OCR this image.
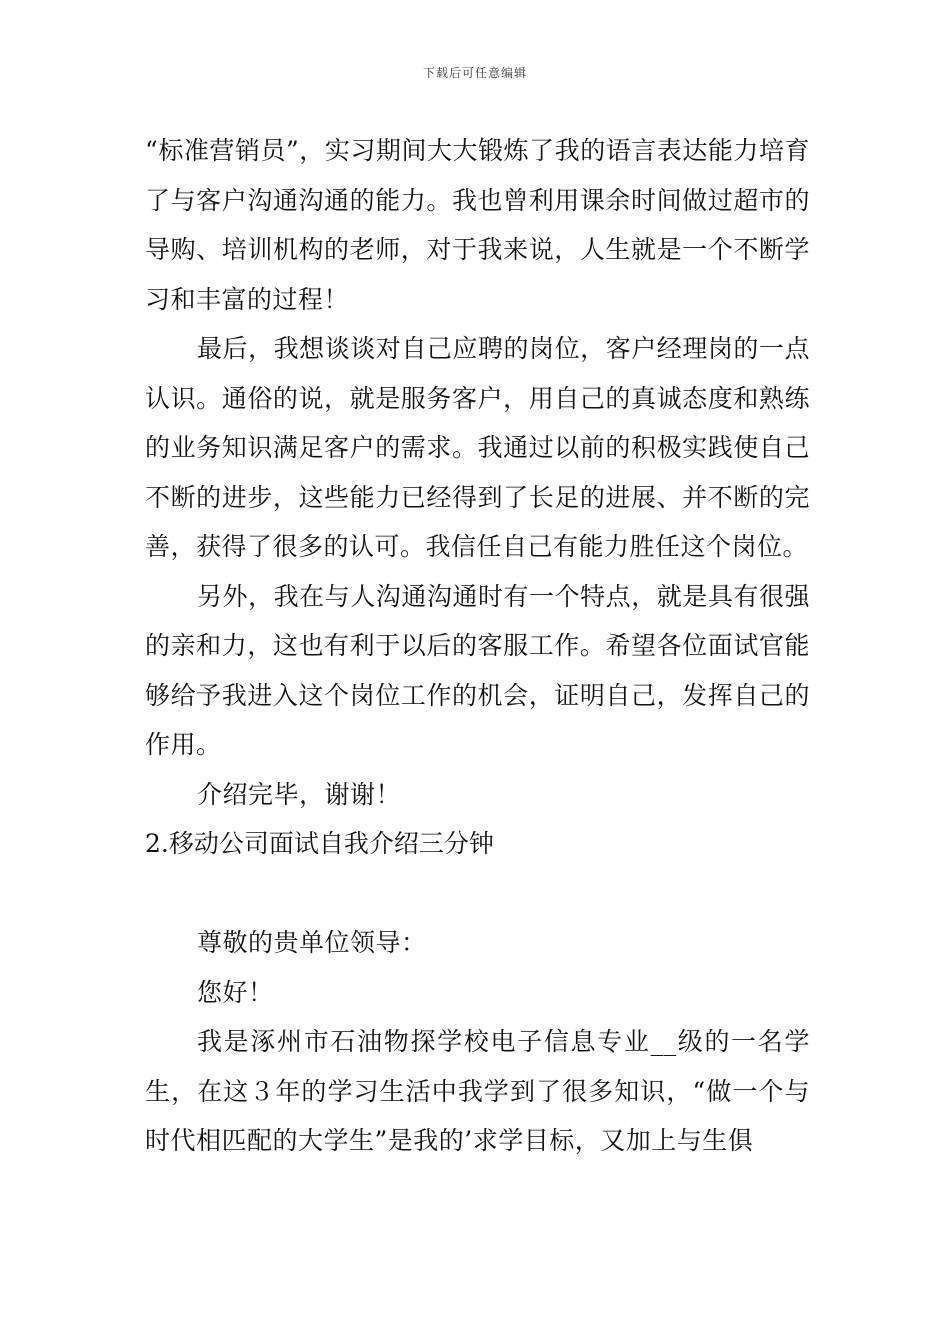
下载后可任意编辑

“标准营销员”，实习期间大大锻炼了我的语言表达能力培育了与客户沟通沟通的能力。我也曾利用课余时间做过超市的导购、培训机构的老师，对于我来说，人生就是一个不断学习和丰富的过程！

最后，我想谈谈对自己应聘的岗位，客户经理岗的一点认识。通俗的说，就是服务客户，用自己的真诚态度和熟练的业务知识满足客户的需求。我通过以前的积极实践使自己不断的进步，这些能力已经得到了长足的进展、并不断的完善，获得了很多的认可。我信任自己有能力胜任这个岗位。

另外，我在与人沟通沟通时有一个特点，就是具有很强的亲和力，这也有利于以后的客服工作。希望各位面试官能够给予我进入这个岗位工作的机会，证明自己，发挥自己的作用。

介绍完毕，谢谢！

2.移动公司面试自我介绍三分钟

尊敬的贵单位领导：

您好！

我是涿州市石油物探学校电子信息专业__级的一名学生，在这３年的学习生活中我学到了很多知识，“做一个与时代相匹配的大学生”是我的’求学目标，又加上与生俱
